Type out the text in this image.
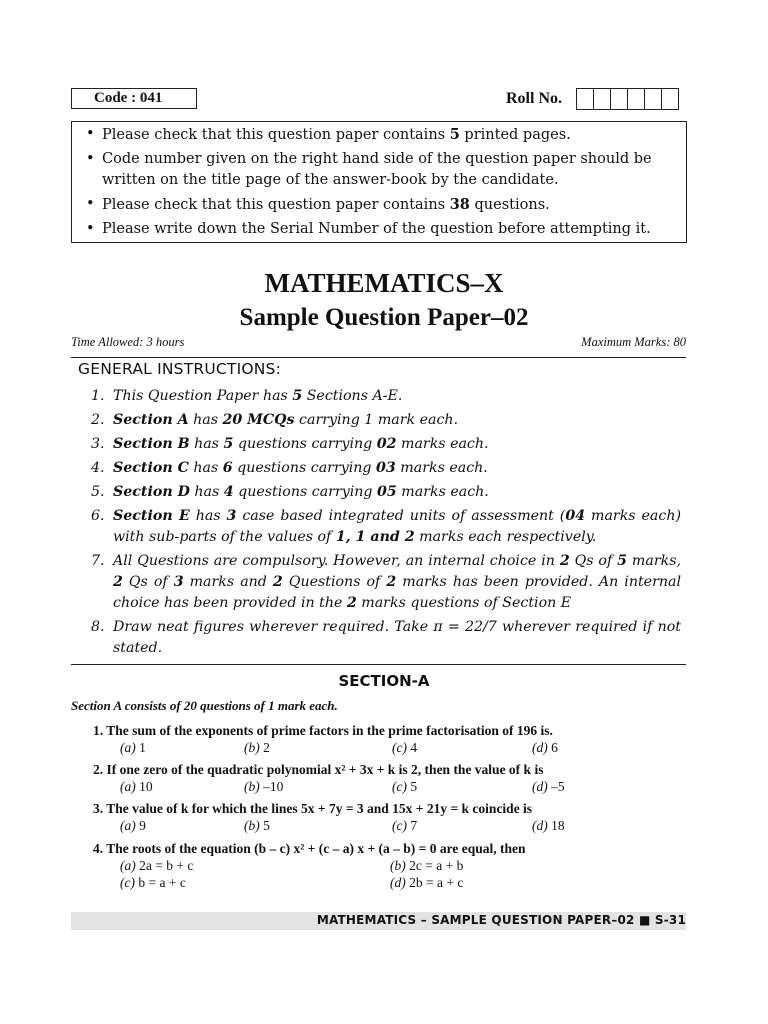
Code : 041	Roll No.
• Please check that this question paper contains 5 printed pages.
• Code number given on the right hand side of the question paper should be written on the title page of the answer-book by the candidate.
• Please check that this question paper contains 38 questions.
• Please write down the Serial Number of the question before attempting it.
MATHEMATICS–X
Sample Question Paper–02
Time Allowed: 3 hours	Maximum Marks: 80
GENERAL INSTRUCTIONS:
1. This Question Paper has 5 Sections A-E.
2. Section A has 20 MCQs carrying 1 mark each.
3. Section B has 5 questions carrying 02 marks each.
4. Section C has 6 questions carrying 03 marks each.
5. Section D has 4 questions carrying 05 marks each.
6. Section E has 3 case based integrated units of assessment (04 marks each) with sub-parts of the values of 1, 1 and 2 marks each respectively.
7. All Questions are compulsory. However, an internal choice in 2 Qs of 5 marks, 2 Qs of 3 marks and 2 Questions of 2 marks has been provided. An internal choice has been provided in the 2 marks questions of Section E
8. Draw neat figures wherever required. Take π = 22/7 wherever required if not stated.
SECTION-A
Section A consists of 20 questions of 1 mark each.
1. The sum of the exponents of prime factors in the prime factorisation of 196 is.
(a) 1	(b) 2	(c) 4	(d) 6
2. If one zero of the quadratic polynomial x² + 3x + k is 2, then the value of k is
(a) 10	(b) –10	(c) 5	(d) –5
3. The value of k for which the lines 5x + 7y = 3 and 15x + 21y = k coincide is
(a) 9	(b) 5	(c) 7	(d) 18
4. The roots of the equation (b – c) x² + (c – a) x + (a – b) = 0 are equal, then
(a) 2a = b + c	(b) 2c = a + b
(c) b = a + c	(d) 2b = a + c
MATHEMATICS – SAMPLE QUESTION PAPER–02 ■ S-31
